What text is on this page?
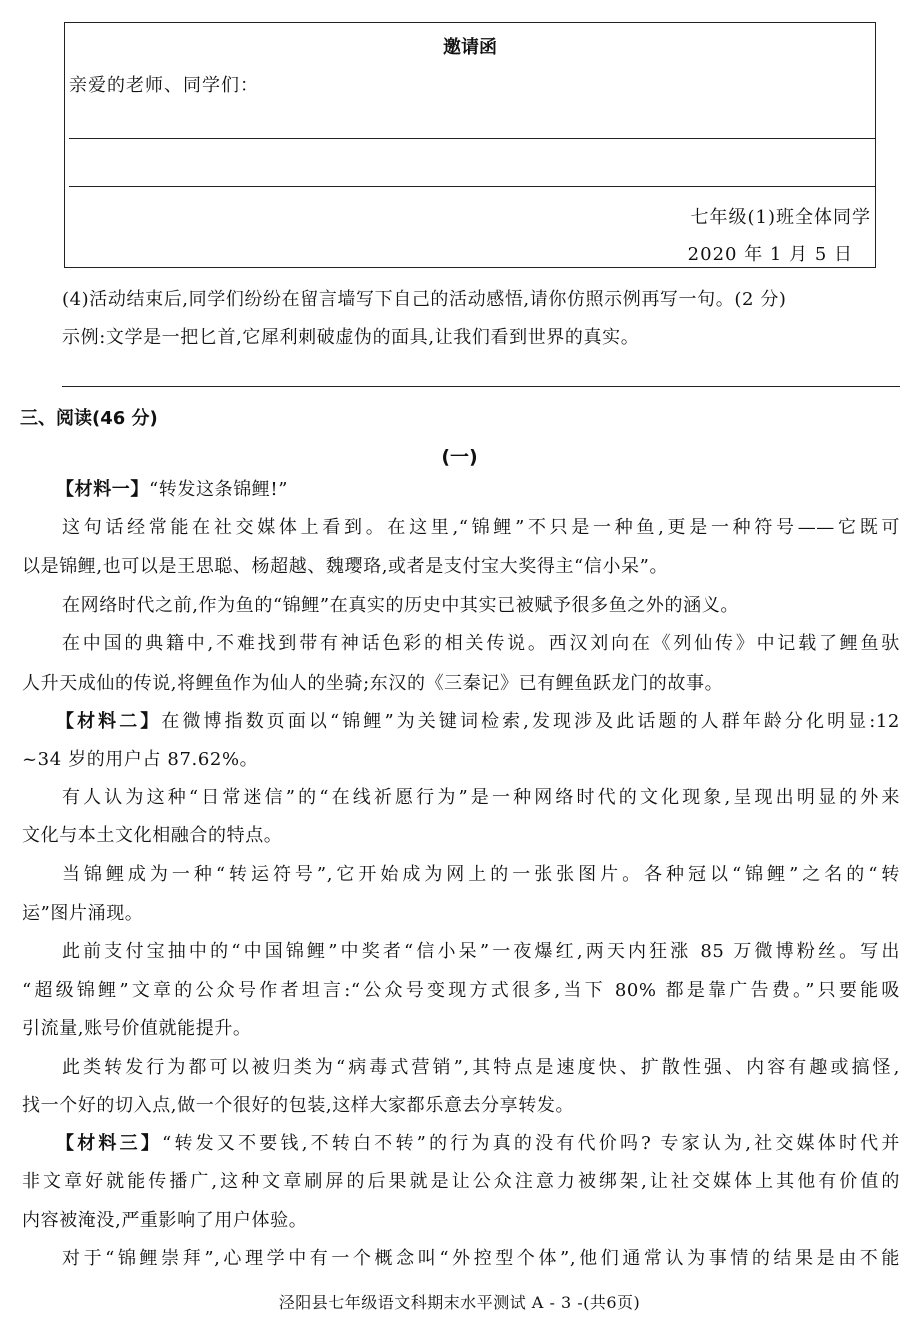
邀请函
亲爱的老师、同学们：
七年级(1)班全体同学
2020 年 1 月 5 日
(4)活动结束后,同学们纷纷在留言墙写下自己的活动感悟,请你仿照示例再写一句。(2 分)
示例:文学是一把匕首,它犀利刺破虚伪的面具,让我们看到世界的真实。
三、阅读(46 分)
(一)
【材料一】“转发这条锦鲤!”
这句话经常能在社交媒体上看到。在这里,“锦鲤”不只是一种鱼,更是一种符号——它既可
以是锦鲤,也可以是王思聪、杨超越、魏璎珞,或者是支付宝大奖得主“信小呆”。
在网络时代之前,作为鱼的“锦鲤”在真实的历史中其实已被赋予很多鱼之外的涵义。
在中国的典籍中,不难找到带有神话色彩的相关传说。西汉刘向在《列仙传》中记载了鲤鱼驮
人升天成仙的传说,将鲤鱼作为仙人的坐骑;东汉的《三秦记》已有鲤鱼跃龙门的故事。
【材料二】在微博指数页面以“锦鲤”为关键词检索,发现涉及此话题的人群年龄分化明显:12
~34 岁的用户占 87.62%。
有人认为这种“日常迷信”的“在线祈愿行为”是一种网络时代的文化现象,呈现出明显的外来
文化与本土文化相融合的特点。
当锦鲤成为一种“转运符号”,它开始成为网上的一张张图片。各种冠以“锦鲤”之名的“转
运”图片涌现。
此前支付宝抽中的“中国锦鲤”中奖者“信小呆”一夜爆红,两天内狂涨 85 万微博粉丝。写出
“超级锦鲤”文章的公众号作者坦言:“公众号变现方式很多,当下 80% 都是靠广告费。”只要能吸
引流量,账号价值就能提升。
此类转发行为都可以被归类为“病毒式营销”,其特点是速度快、扩散性强、内容有趣或搞怪,
找一个好的切入点,做一个很好的包装,这样大家都乐意去分享转发。
【材料三】“转发又不要钱,不转白不转”的行为真的没有代价吗? 专家认为,社交媒体时代并
非文章好就能传播广,这种文章刷屏的后果就是让公众注意力被绑架,让社交媒体上其他有价值的
内容被淹没,严重影响了用户体验。
对于“锦鲤崇拜”,心理学中有一个概念叫“外控型个体”,他们通常认为事情的结果是由不能
泾阳县七年级语文科期末水平测试 A - 3 -(共6页)
